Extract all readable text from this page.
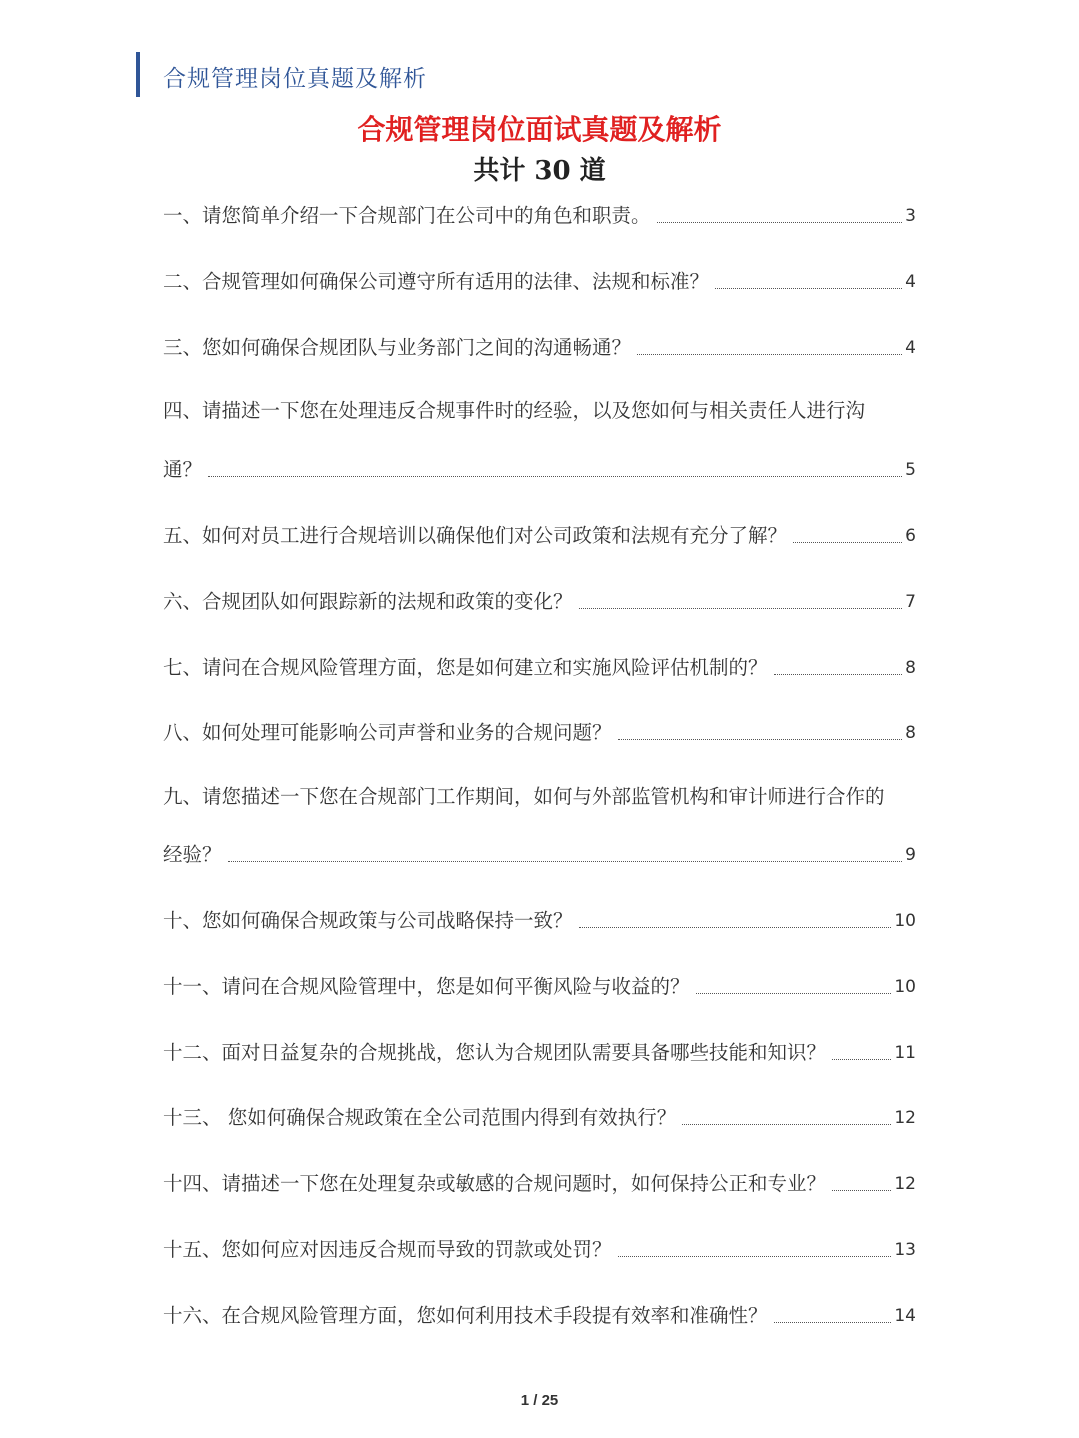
合规管理岗位真题及解析
合规管理岗位面试真题及解析
共计 30 道
一、请您简单介绍一下合规部门在公司中的角色和职责。	3
二、合规管理如何确保公司遵守所有适用的法律、法规和标准？	4
三、您如何确保合规团队与业务部门之间的沟通畅通？	4
四、请描述一下您在处理违反合规事件时的经验，以及您如何与相关责任人进行沟
通？	5
五、如何对员工进行合规培训以确保他们对公司政策和法规有充分了解？	6
六、合规团队如何跟踪新的法规和政策的变化？	7
七、请问在合规风险管理方面，您是如何建立和实施风险评估机制的？	8
八、如何处理可能影响公司声誉和业务的合规问题？	8
九、请您描述一下您在合规部门工作期间，如何与外部监管机构和审计师进行合作的
经验？	9
十、您如何确保合规政策与公司战略保持一致？	10
十一、请问在合规风险管理中，您是如何平衡风险与收益的？	10
十二、面对日益复杂的合规挑战，您认为合规团队需要具备哪些技能和知识？	11
十三、 您如何确保合规政策在全公司范围内得到有效执行？	12
十四、请描述一下您在处理复杂或敏感的合规问题时，如何保持公正和专业？	12
十五、您如何应对因违反合规而导致的罚款或处罚？	13
十六、在合规风险管理方面，您如何利用技术手段提有效率和准确性？	14
1 / 25
